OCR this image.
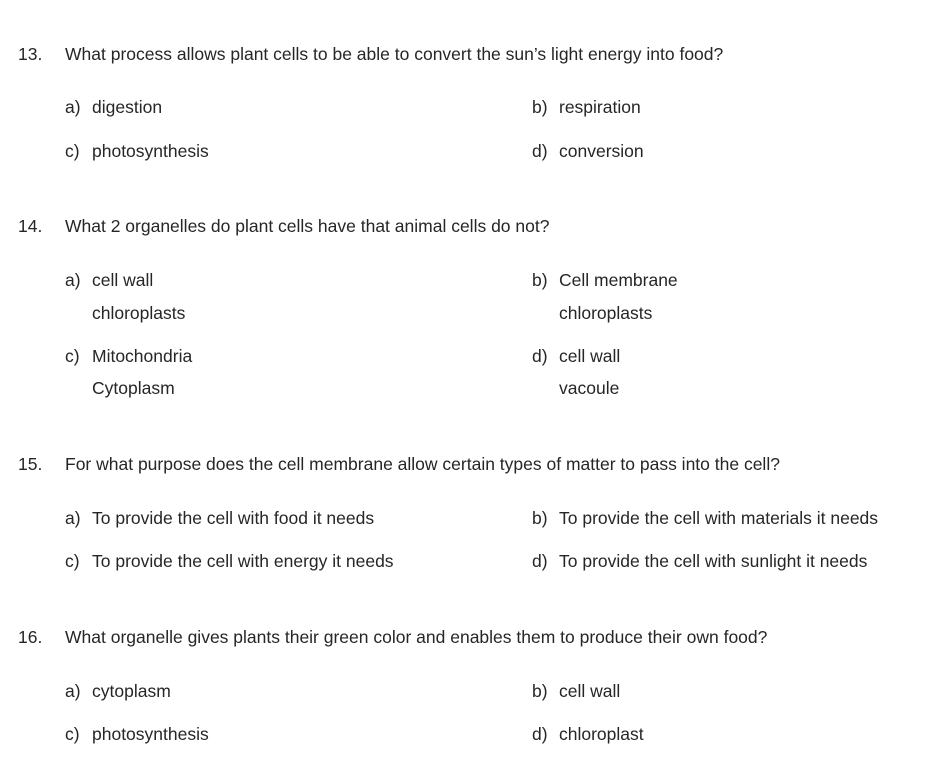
13. What process allows plant cells to be able to convert the sun’s light energy into food?
a) digestion	b) respiration
c) photosynthesis	d) conversion
14. What 2 organelles do plant cells have that animal cells do not?
a) cell wall
chloroplasts
b) Cell membrane
chloroplasts
c) Mitochondria
Cytoplasm
d) cell wall
vacoule
15. For what purpose does the cell membrane allow certain types of matter to pass into the cell?
a) To provide the cell with food it needs	b) To provide the cell with materials it needs
c) To provide the cell with energy it needs	d) To provide the cell with sunlight it needs
16. What organelle gives plants their green color and enables them to produce their own food?
a) cytoplasm	b) cell wall
c) photosynthesis	d) chloroplast
